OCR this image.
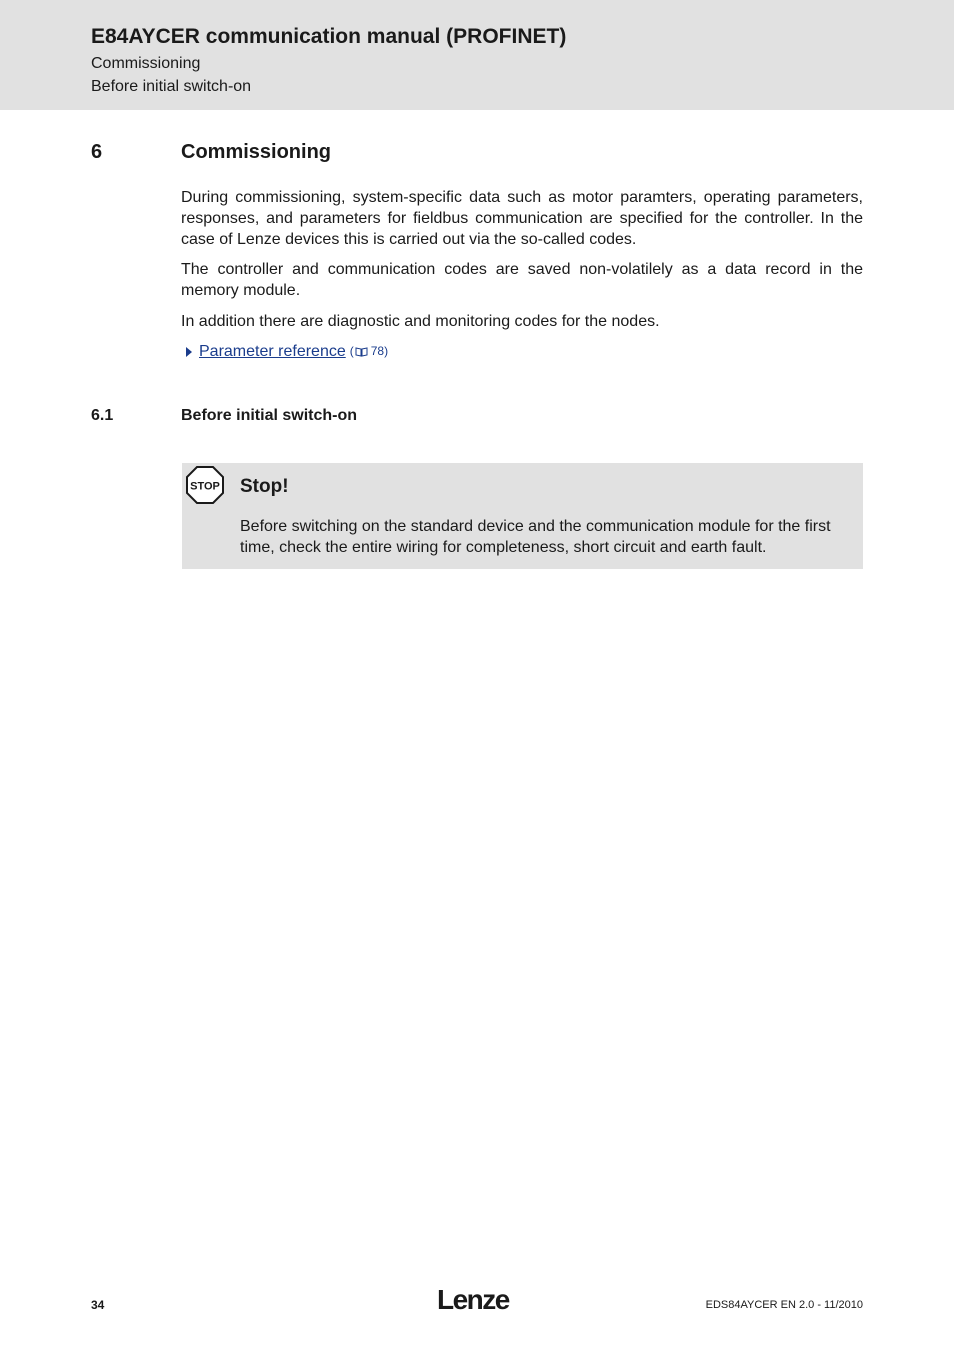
E84AYCER communication manual (PROFINET)
Commissioning
Before initial switch-on
6	Commissioning
During commissioning, system-specific data such as motor paramters, operating parameters, responses, and parameters for fieldbus communication are specified for the controller. In the case of Lenze devices this is carried out via the so-called codes.
The controller and communication codes are saved non-volatilely as a data record in the memory module.
In addition there are diagnostic and monitoring codes for the nodes.
Parameter reference ( 78 )
6.1	Before initial switch-on
STOP Stop!
Before switching on the standard device and the communication module for the first time, check the entire wiring for completeness, short circuit and earth fault.
34	Lenze	EDS84AYCER EN 2.0 - 11/2010
